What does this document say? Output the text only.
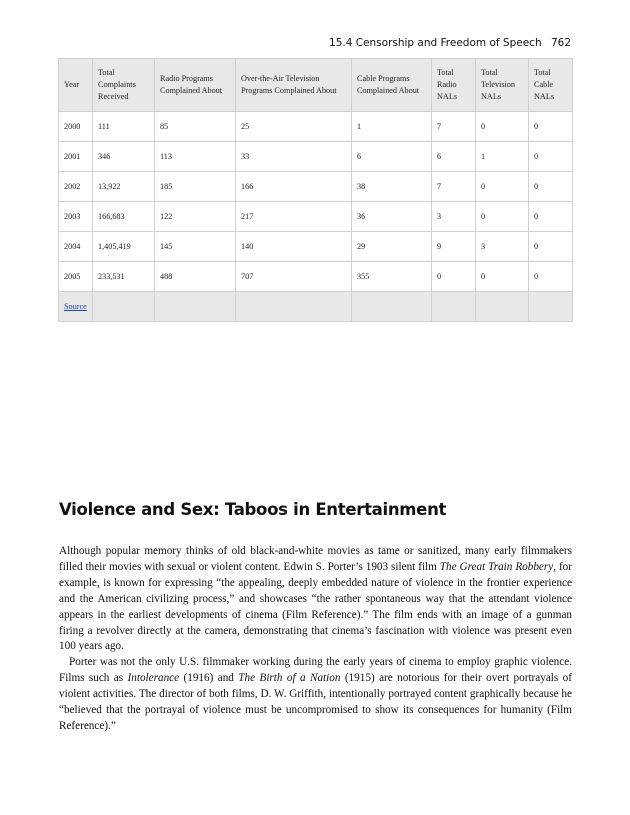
15.4 Censorship and Freedom of Speech 762
Year	Total Complaints Received	Radio Programs Complained About	Over-the-Air Television Programs Complained About	Cable Programs Complained About	Total Radio NALs	Total Television NALs	Total Cable NALs
2000	111	85	25	1	7	0	0
2001	346	113	33	6	6	1	0
2002	13,922	185	166	38	7	0	0
2003	166,683	122	217	36	3	0	0
2004	1,405,419	145	140	29	9	3	0
2005	233,531	488	707	355	0	0	0
Source							
Violence and Sex: Taboos in Entertainment

Although popular memory thinks of old black-and-white movies as tame or sanitized, many early filmmakers filled their movies with sexual or violent content. Edwin S. Porter’s 1903 silent film The Great Train Robbery, for example, is known for expressing “the appealing, deeply embedded nature of violence in the frontier experience and the American civilizing process,” and showcases “the rather spontaneous way that the attendant violence appears in the earliest developments of cinema (Film Reference).” The film ends with an image of a gunman firing a revolver directly at the camera, demonstrating that cinema’s fascination with violence was present even 100 years ago.

Porter was not the only U.S. filmmaker working during the early years of cinema to employ graphic violence. Films such as Intolerance (1916) and The Birth of a Nation (1915) are notorious for their overt portrayals of violent activities. The director of both films, D. W. Griffith, intentionally portrayed content graphically because he “believed that the portrayal of violence must be uncompromised to show its consequences for humanity (Film Reference).”
